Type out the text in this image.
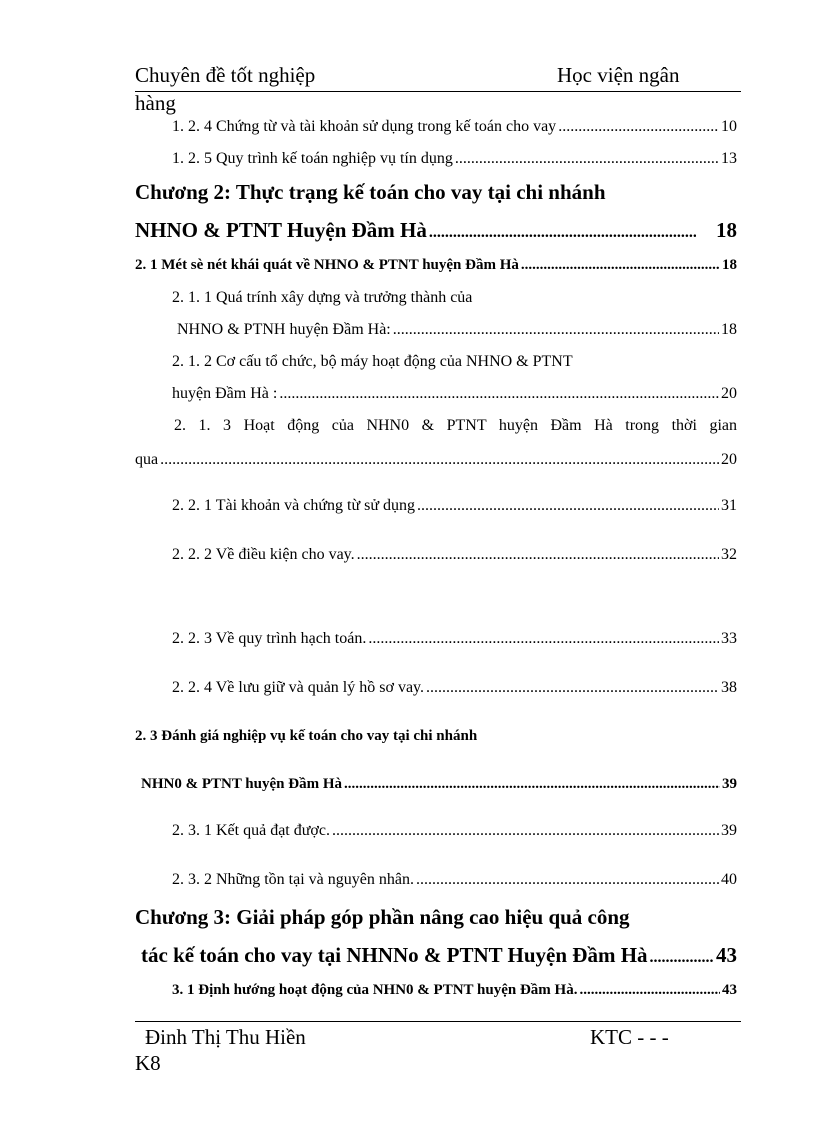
Chuyên đề tốt nghiệp	Học viện ngân
hàng
1. 2. 4 Chứng từ và tài khoản sử dụng trong kế toán cho vay .....	10
1. 2. 5 Quy trình kế toán nghiệp vụ tín dụng .....	13
Chương 2: Thực trạng kế toán cho vay tại chi nhánh
NHNO & PTNT Huyện Đầm Hà .....	18
2. 1 Mét sè nét khái quát về NHNO & PTNT huyện Đầm Hà .....	18
2. 1. 1 Quá trính xây dựng và trưởng thành của
NHNO & PTNH huyện Đầm Hà: .....	18
2. 1. 2 Cơ cấu tổ chức, bộ máy hoạt động của NHNO & PTNT
huyện Đầm Hà : .....	20
2. 1. 3 Hoạt động của NHN0 & PTNT huyện Đầm Hà trong thời gian
qua .....	20
2. 2. 1 Tài khoản và chứng từ sử dụng .....	31
2. 2. 2 Về điều kiện cho vay. .....	32
2. 2. 3 Về quy trình hạch toán. .....	33
2. 2. 4 Về lưu giữ và quản lý hồ sơ vay. .....	38
2. 3 Đánh giá nghiệp vụ kế toán cho vay tại chi nhánh
NHN0 & PTNT huyện Đầm Hà .....	39
2. 3. 1 Kết quả đạt được. .....	39
2. 3. 2 Những tồn tại và nguyên nhân. .....	40
Chương 3: Giải pháp góp phần nâng cao hiệu quả công
tác kế toán cho vay tại NHNNo & PTNT Huyện Đầm Hà .....	43
3. 1 Định hướng hoạt động của NHN0 & PTNT huyện Đầm Hà. .....	43
Đinh Thị Thu Hiền	KTC - - -
K8
